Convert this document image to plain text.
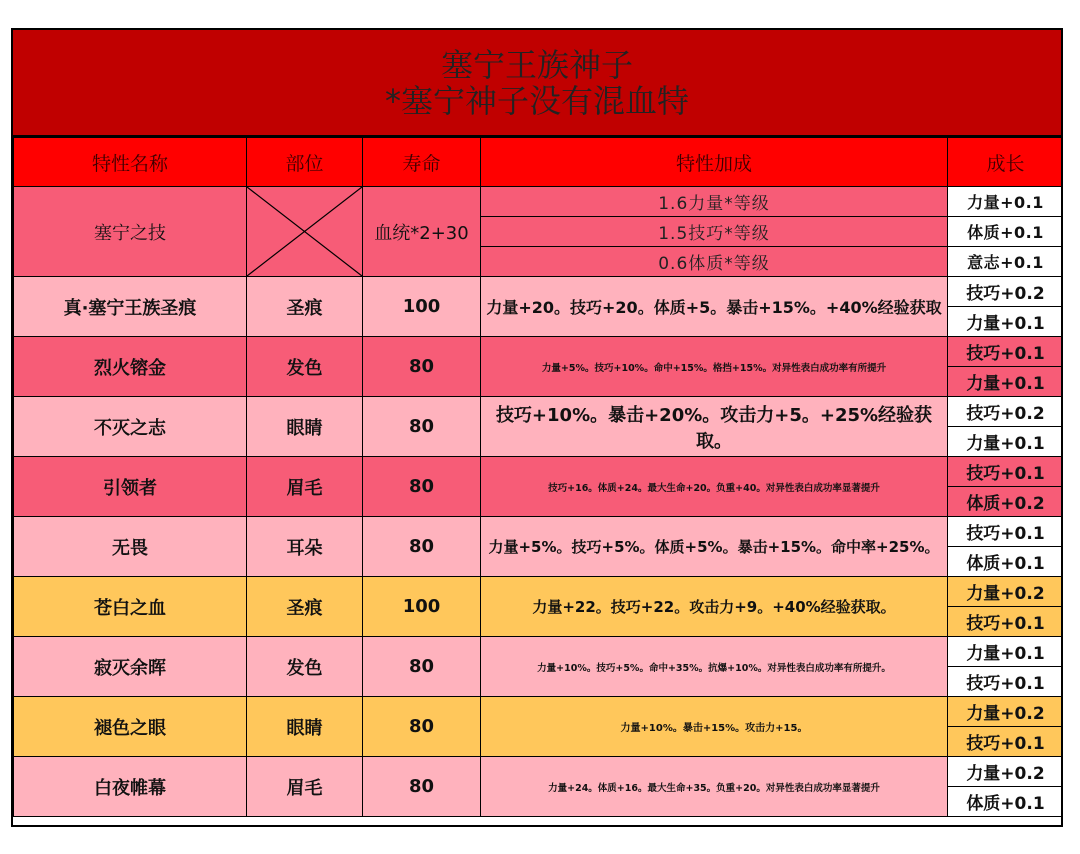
塞宁王族神子
*塞宁神子没有混血特
特性名称	部位	寿命	特性加成	成长
塞宁之技		血统*2+30	1.6力量*等级	力量+0.1
			1.5技巧*等级	体质+0.1
			0.6体质*等级	意志+0.1
真·塞宁王族圣痕	圣痕	100	力量+20。技巧+20。体质+5。暴击+15%。+40%经验获取	技巧+0.2
				力量+0.1
烈火镕金	发色	80	力量+5%。技巧+10%。命中+15%。格挡+15%。对异性表白成功率有所提升	技巧+0.1
				力量+0.1
不灭之志	眼睛	80	技巧+10%。暴击+20%。攻击力+5。+25%经验获取。	技巧+0.2
				力量+0.1
引领者	眉毛	80	技巧+16。体质+24。最大生命+20。负重+40。对异性表白成功率显著提升	技巧+0.1
				体质+0.2
无畏	耳朵	80	力量+5%。技巧+5%。体质+5%。暴击+15%。命中率+25%。	技巧+0.1
				体质+0.1
苍白之血	圣痕	100	力量+22。技巧+22。攻击力+9。+40%经验获取。	力量+0.2
				技巧+0.1
寂灭余晖	发色	80	力量+10%。技巧+5%。命中+35%。抗爆+10%。对异性表白成功率有所提升。	力量+0.1
				技巧+0.1
褪色之眼	眼睛	80	力量+10%。暴击+15%。攻击力+15。	力量+0.2
				技巧+0.1
白夜帷幕	眉毛	80	力量+24。体质+16。最大生命+35。负重+20。对异性表白成功率显著提升	力量+0.2
				体质+0.1
